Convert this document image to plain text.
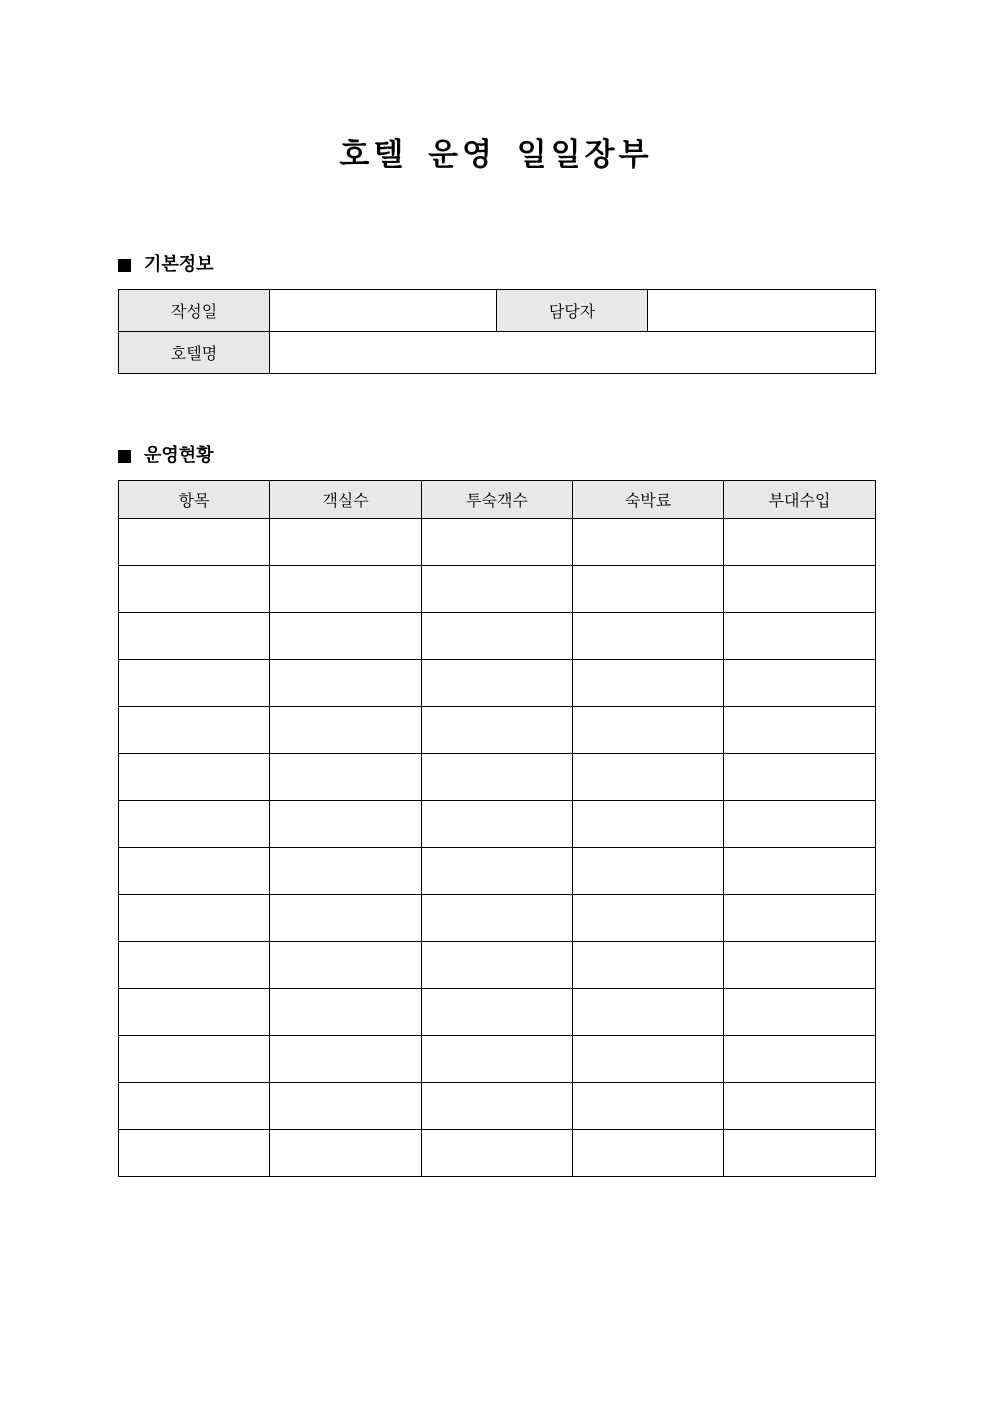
호텔 운영 일일장부
기본정보
작성일		담당자	
호텔명			
운영현황
항목	객실수	투숙객수	숙박료	부대수입
